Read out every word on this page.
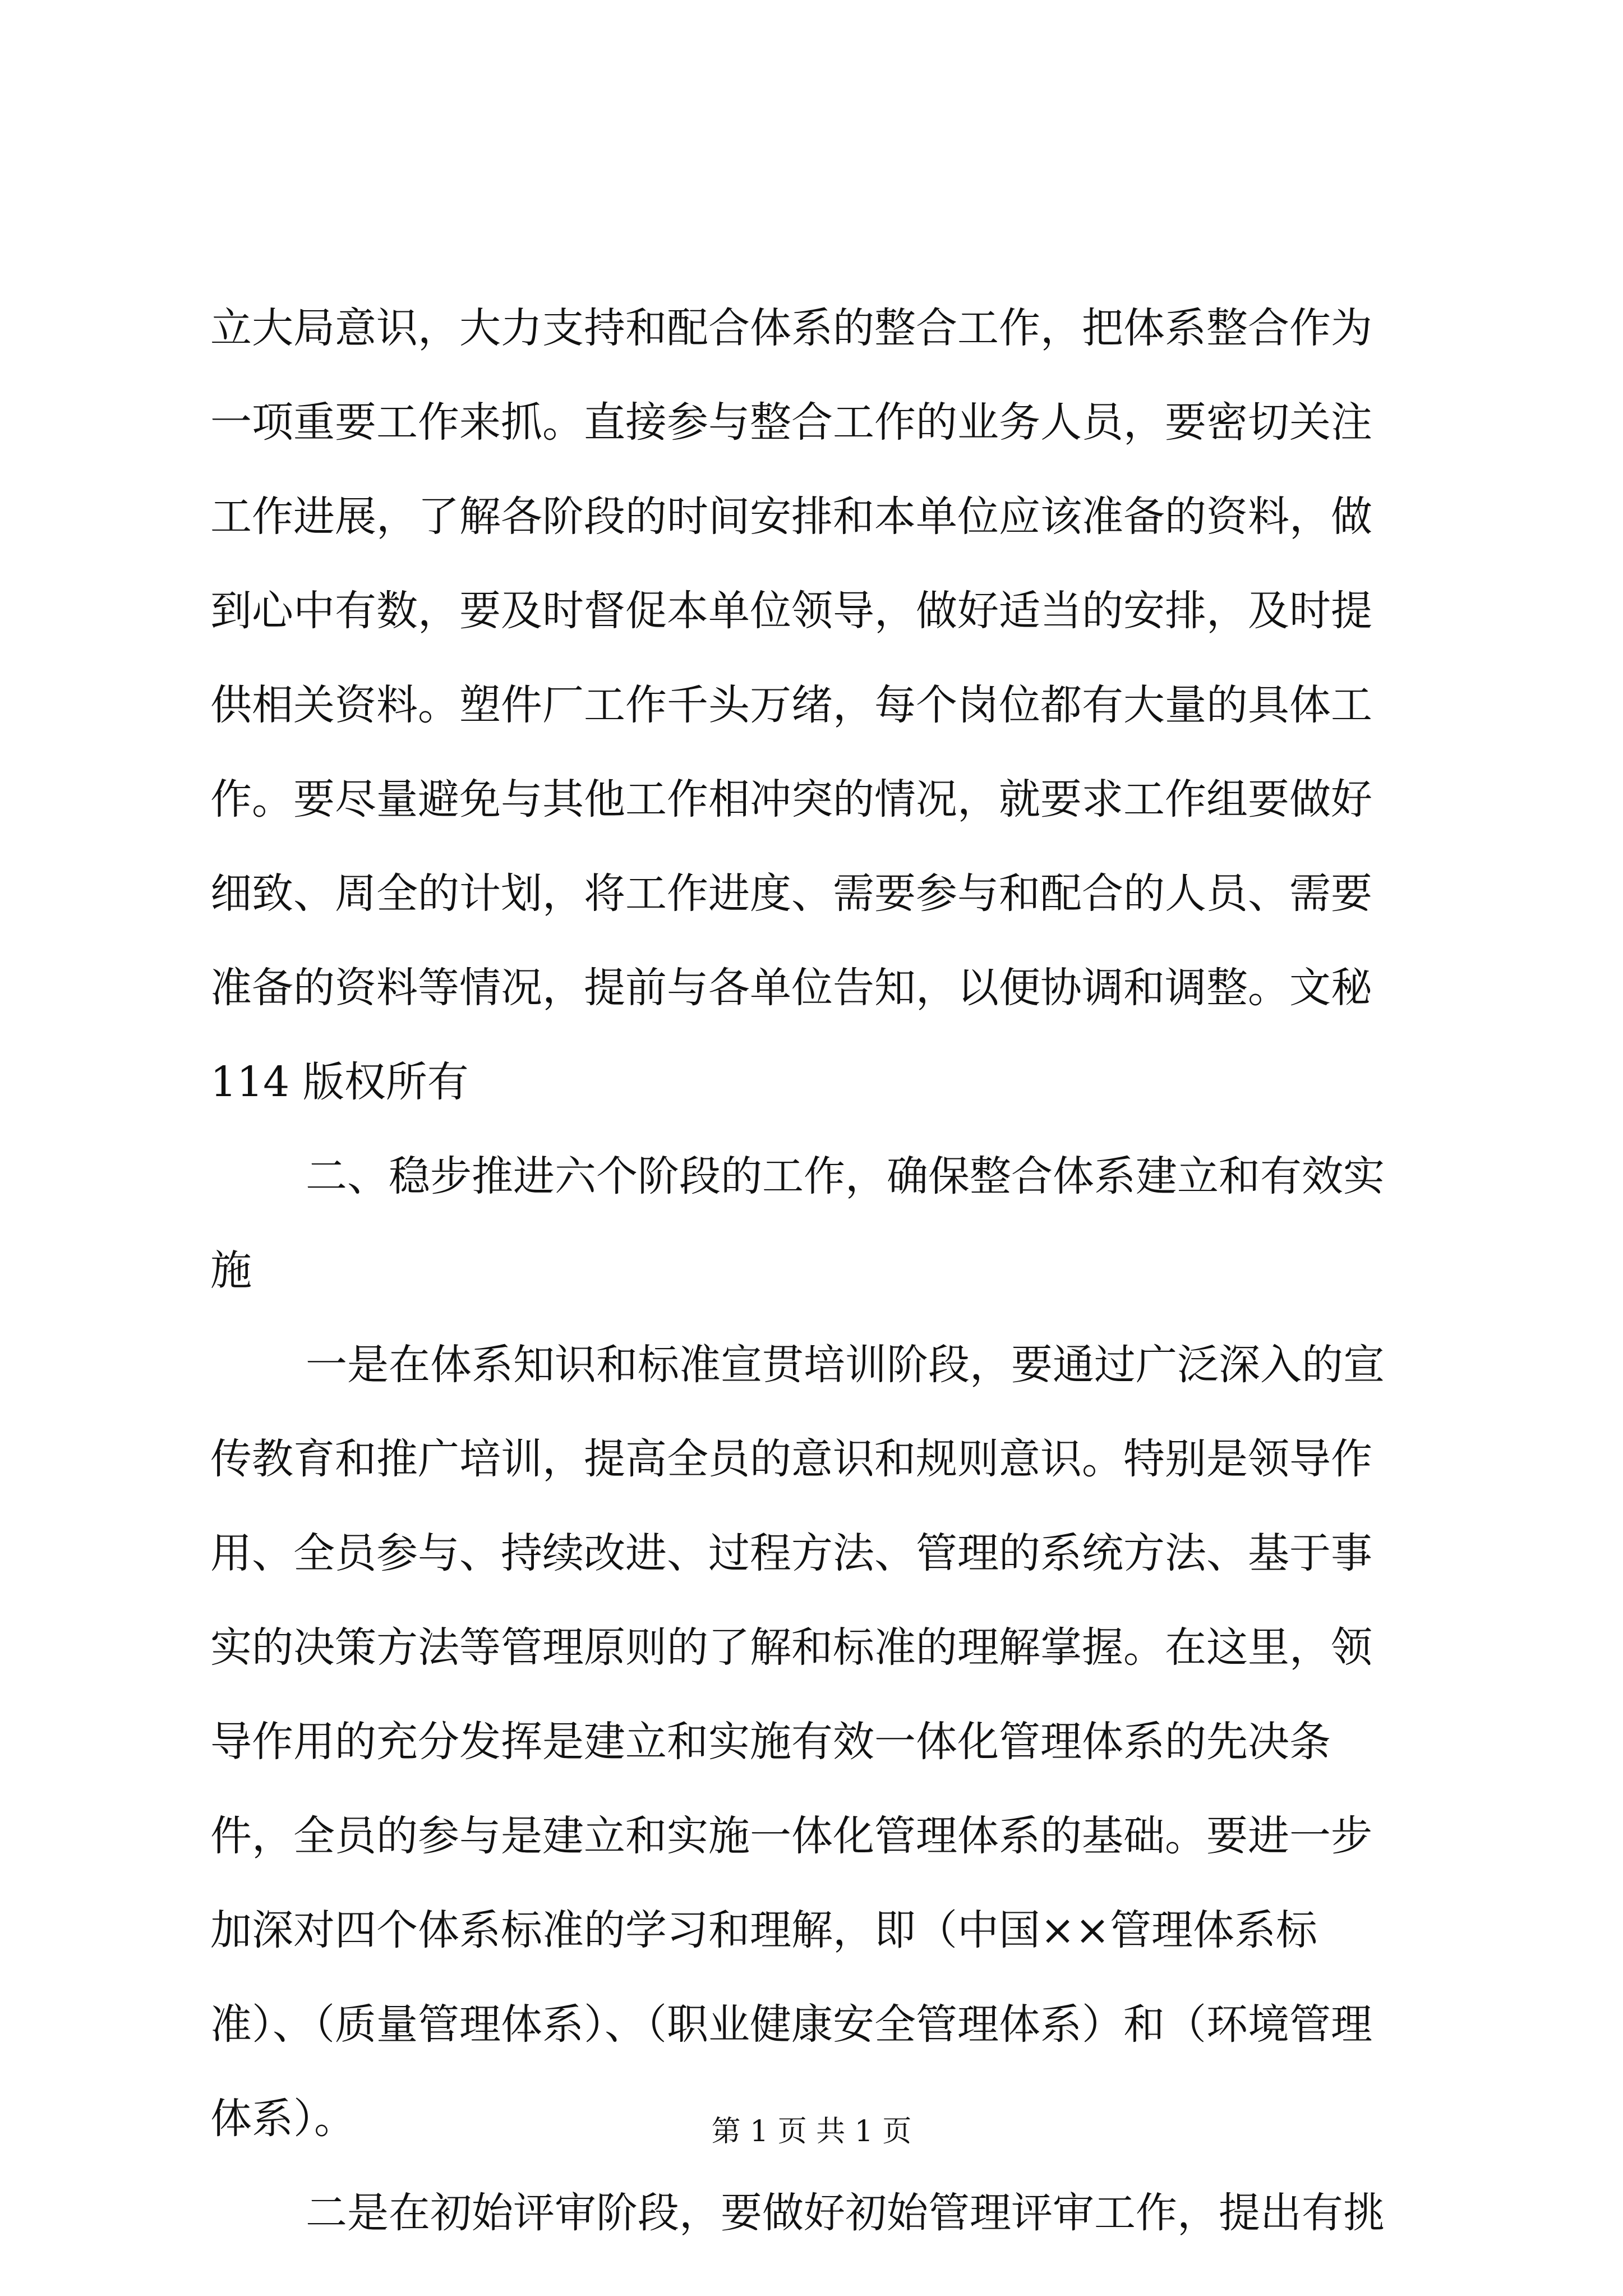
立大局意识，大力支持和配合体系的整合工作，把体系整合作为
一项重要工作来抓。直接参与整合工作的业务人员，要密切关注
工作进展，了解各阶段的时间安排和本单位应该准备的资料，做
到心中有数，要及时督促本单位领导，做好适当的安排，及时提
供相关资料。塑件厂工作千头万绪，每个岗位都有大量的具体工
作。要尽量避免与其他工作相冲突的情况，就要求工作组要做好
细致、周全的计划，将工作进度、需要参与和配合的人员、需要
准备的资料等情况，提前与各单位告知，以便协调和调整。文秘
114 版权所有
二、稳步推进六个阶段的工作，确保整合体系建立和有效实
施
一是在体系知识和标准宣贯培训阶段，要通过广泛深入的宣
传教育和推广培训，提高全员的意识和规则意识。特别是领导作
用、全员参与、持续改进、过程方法、管理的系统方法、基于事
实的决策方法等管理原则的了解和标准的理解掌握。在这里，领
导作用的充分发挥是建立和实施有效一体化管理体系的先决条
件，全员的参与是建立和实施一体化管理体系的基础。要进一步
加深对四个体系标准的学习和理解，即（中国××管理体系标
准）、（质量管理体系）、（职业健康安全管理体系）和（环境管理
体系）。
二是在初始评审阶段，要做好初始管理评审工作，提出有挑
第 1 页 共 1 页
